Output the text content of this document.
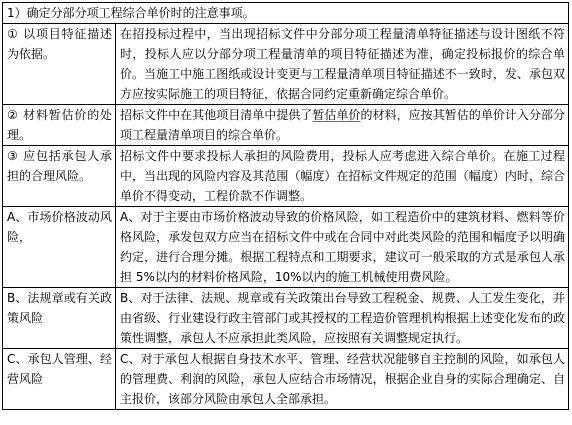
1）确定分部分项工程综合单价时的注意事项。	
① 以项目特征描述为依据。	在招投标过程中，当出现招标文件中分部分项工程量清单特征描述与设计图纸不符时，投标人应以分部分项工程量清单的项目特征描述为准，确定投标报价的综合单价。当施工中施工图纸或设计变更与工程量清单项目特征描述不一致时，发、承包双方应按实际施工的项目特征，依据合同约定重新确定综合单价。
② 材料暂估价的处理。	招标文件中在其他项目清单中提供了暂估单价的材料，应按其暂估的单价计入分部分项工程量清单项目的综合单价。
③ 应包括承包人承担的合理风险。	招标文件中要求投标人承担的风险费用，投标人应考虑进入综合单价。在施工过程中，当出现的风险内容及其范围（幅度）在招标文件规定的范围（幅度）内时，综合单价不得变动，工程价款不作调整。
A、市场价格波动风险，	A、对于主要由市场价格波动导致的价格风险，如工程造价中的建筑材料、燃料等价格风险，承发包双方应当在招标文件中或在合同中对此类风险的范围和幅度予以明确约定，进行合理分摊。根据工程特点和工期要求，建议可一般采取的方式是承包人承担 5%以内的材料价格风险，10%以内的施工机械使用费风险。
B、法规章或有关政策风险	B、对于法律、法规、规章或有关政策出台导致工程税金、规费、人工发生变化，并由省级、行业建设行政主管部门或其授权的工程造价管理机构根据上述变化发布的政策性调整，承包人不应承担此类风险，应按照有关调整规定执行。
C、承包人管理、经营风险	C、对于承包人根据自身技术水平、管理、经营状况能够自主控制的风险，如承包人的管理费、利润的风险，承包人应结合市场情况，根据企业自身的实际合理确定、自主报价，该部分风险由承包人全部承担。
